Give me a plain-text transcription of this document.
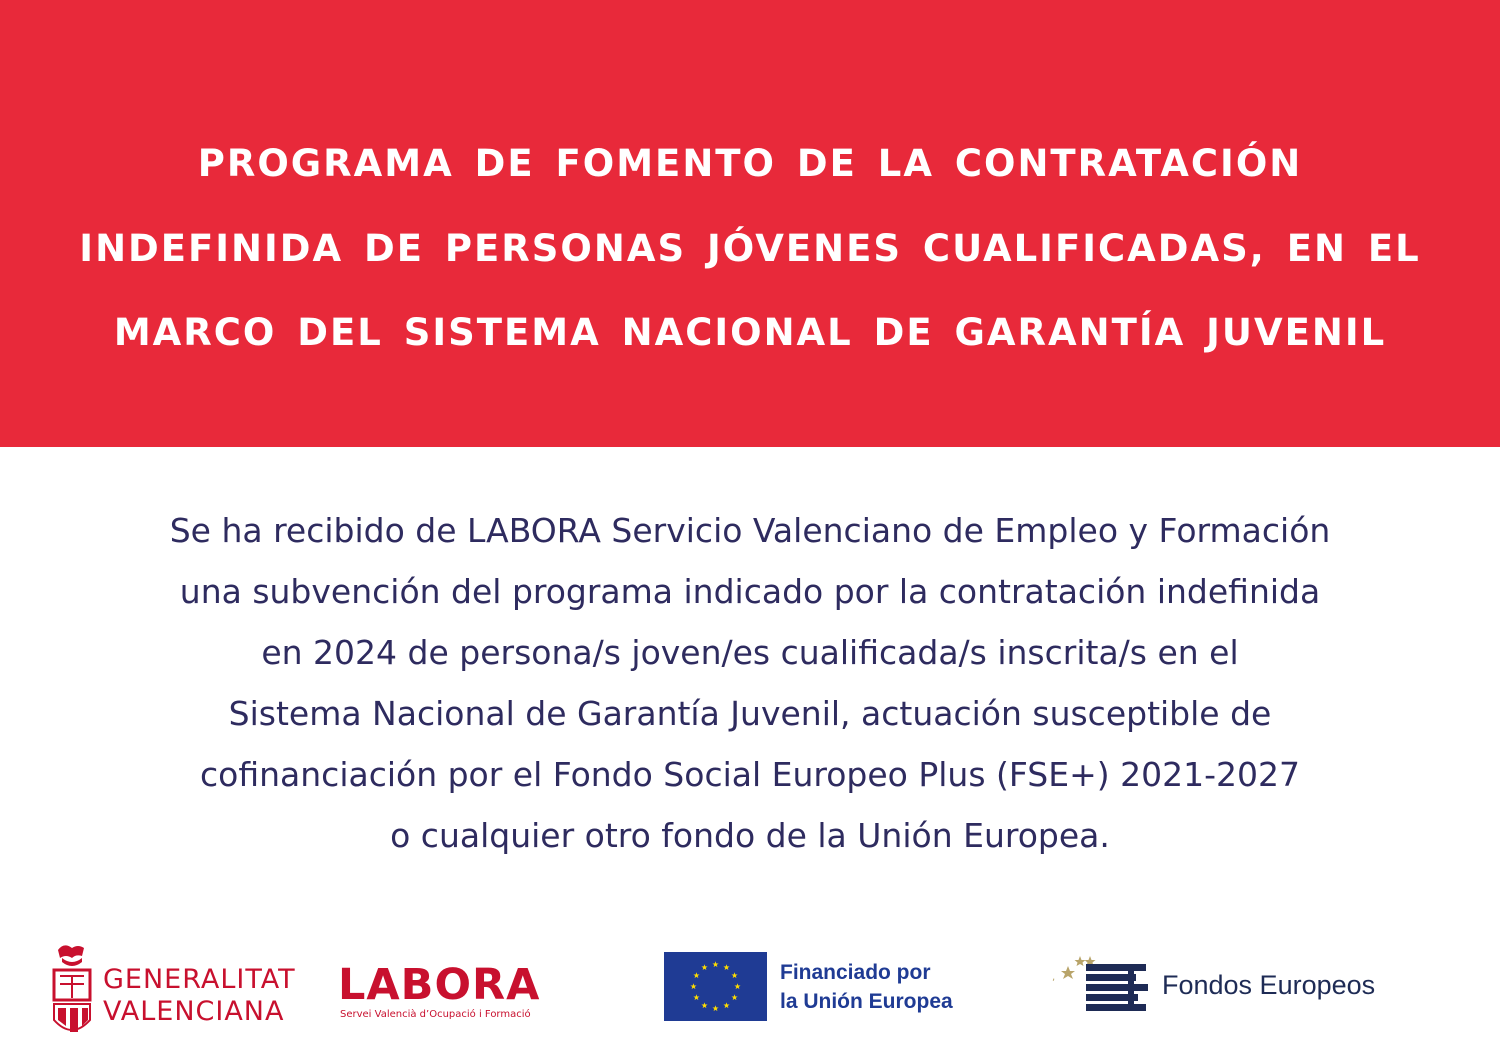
PROGRAMA DE FOMENTO DE LA CONTRATACIÓN
INDEFINIDA DE PERSONAS JÓVENES CUALIFICADAS, EN EL
MARCO DEL SISTEMA NACIONAL DE GARANTÍA JUVENIL
Se ha recibido de LABORA Servicio Valenciano de Empleo y Formación
una subvención del programa indicado por la contratación indefinida
en 2024 de persona/s joven/es cualificada/s inscrita/s en el
Sistema Nacional de Garantía Juvenil, actuación susceptible de
cofinanciación por el Fondo Social Europeo Plus (FSE+) 2021-2027
o cualquier otro fondo de la Unión Europea.
GENERALITAT
VALENCIANA
LABORA
Servei Valencià d’Ocupació i Formació
Financiado por
la Unión Europea
,	Fondos Europeos
